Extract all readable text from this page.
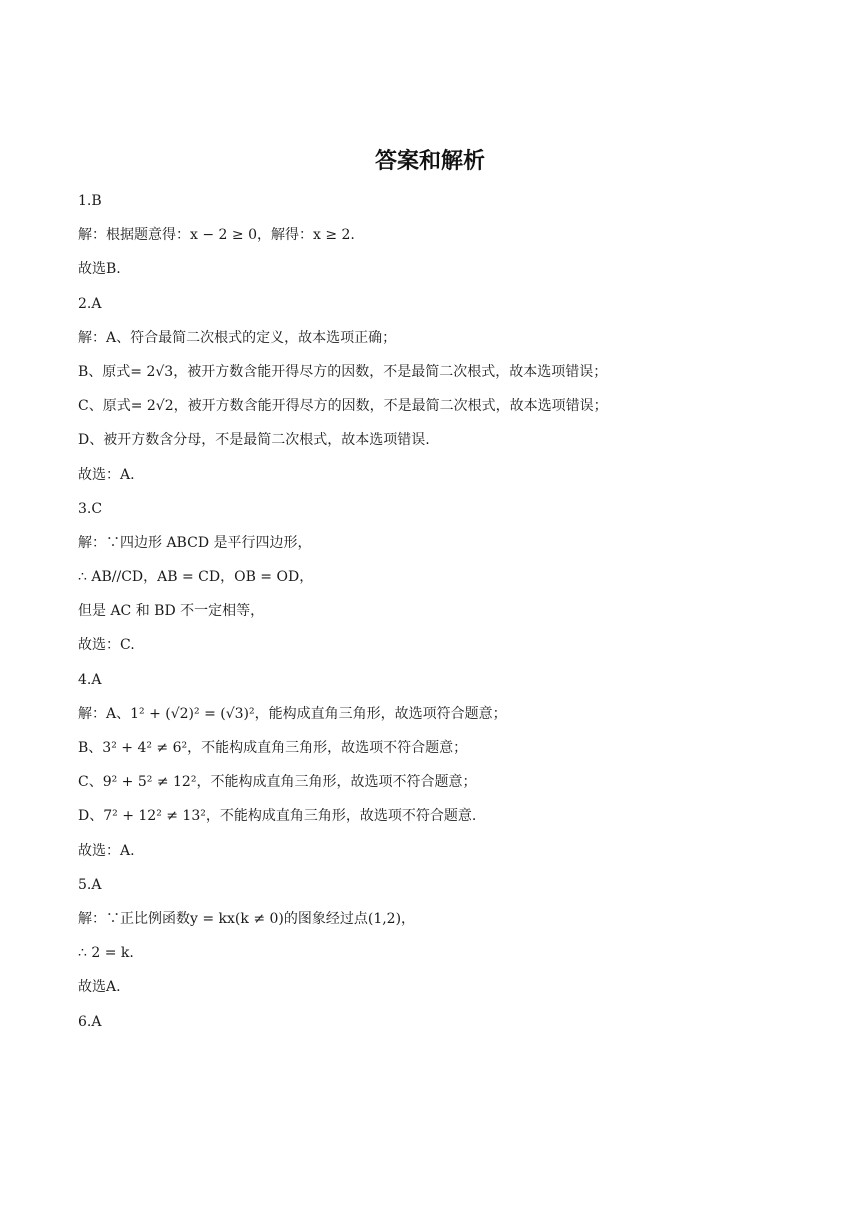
答案和解析
1.B
解：根据题意得：x − 2 ≥ 0，解得：x ≥ 2.
故选B.
2.A
解：A、符合最简二次根式的定义，故本选项正确；
B、原式= 2√3，被开方数含能开得尽方的因数，不是最简二次根式，故本选项错误；
C、原式= 2√2，被开方数含能开得尽方的因数，不是最简二次根式，故本选项错误；
D、被开方数含分母，不是最简二次根式，故本选项错误.
故选：A.
3.C
解：∵四边形 ABCD 是平行四边形，
∴ AB//CD，AB = CD，OB = OD，
但是 AC 和 BD 不一定相等，
故选：C.
4.A
解：A、1² + (√2)² = (√3)²，能构成直角三角形，故选项符合题意；
B、3² + 4² ≠ 6²，不能构成直角三角形，故选项不符合题意；
C、9² + 5² ≠ 12²，不能构成直角三角形，故选项不符合题意；
D、7² + 12² ≠ 13²，不能构成直角三角形，故选项不符合题意.
故选：A.
5.A
解：∵正比例函数y = kx(k ≠ 0)的图象经过点(1,2)，
∴ 2 = k.
故选A.
6.A
